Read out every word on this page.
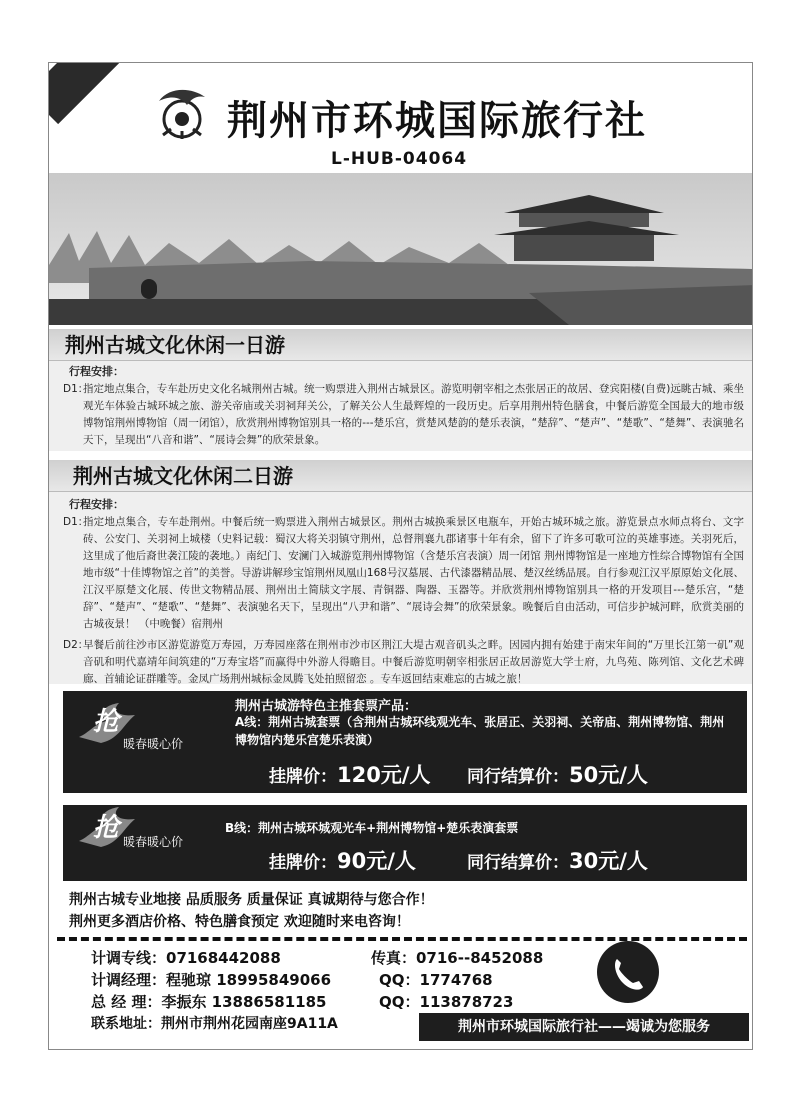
特惠月	荆州市环城国际旅行社
L-HUB-04064
荆州古城文化休闲一日游
行程安排：
D1：
指定地点集合，专车赴历史文化名城荆州古城。统一购票进入荆州古城景区。游览明朝宰相之杰张居正的故居、登宾阳楼(自费)远眺古城、乘坐观光车体验古城环城之旅、游关帝庙或关羽祠拜关公，了解关公人生最辉煌的一段历史。后享用荆州特色膳食，中餐后游览全国最大的地市级博物馆荆州博物馆（周一闭馆），欣赏荆州博物馆别具一格的---楚乐宫，赏楚风楚韵的楚乐表演，“楚辞”、“楚声”、“楚歌”、“楚舞”、表演驰名天下，呈现出“八音和谐”、“展诗会舞”的欣荣景象。
荆州古城文化休闲二日游
行程安排：
D1：
指定地点集合，专车赴荆州。中餐后统一购票进入荆州古城景区。荆州古城换乘景区电瓶车，开始古城环城之旅。游览景点水师点将台、文字砖、公安门、关羽祠上城楼（史料记载：蜀汉大将关羽镇守荆州，总督荆襄九郡诸事十年有余，留下了许多可歌可泣的英雄事迹。关羽死后，这里成了他后裔世袭江陵的袭地。）南纪门、安澜门入城游览荆州博物馆（含楚乐宫表演）周一闭馆 荆州博物馆是一座地方性综合博物馆有全国地市级“十佳博物馆之首”的美誉。导游讲解珍宝馆荆州凤凰山168号汉墓展、古代漆器精品展、楚汉丝绣品展。自行参观江汉平原原始文化展、江汉平原楚文化展、传世文物精品展、荆州出土简牍文字展、青铜器、陶器、玉器等。并欣赏荆州博物馆别具一格的开发项目---楚乐宫，“楚辞”、“楚声”、“楚歌”、“楚舞”、表演驰名天下，呈现出“八尹和谐”、“展诗会舞”的欣荣景象。晚餐后自由活动，可信步护城河畔，欣赏美丽的古城夜景！ （中晚餐）宿荆州
D2：
早餐后前往沙市区游览游览万寿园，万寿园座落在荆州市沙市区荆江大堤古观音矶头之畔。因园内拥有始建于南宋年间的“万里长江第一矶”观音矶和明代嘉靖年间筑建的“万寿宝塔”而赢得中外游人得瞻目。中餐后游览明朝宰相张居正故居游览大学士府，九鸟苑、陈列馆、文化艺术碑廊、首辅论证群雕等。金凤广场荆州城标金凤腾飞处拍照留恋 。专车返回结束难忘的古城之旅！
抢
暖春暖心价
荆州古城游特色主推套票产品：
A线：荆州古城套票（含荆州古城环线观光车、张居正、关羽祠、关帝庙、荆州博物馆、荆州博物馆内楚乐宫楚乐表演）
挂牌价：120元/人 同行结算价：50元/人
抢 暖春暖心价
B线：荆州古城环城观光车+荆州博物馆+楚乐表演套票
挂牌价：90元/人	同行结算价：30元/人
荆州古城专业地接 品质服务 质量保证 真诚期待与您合作！
荆州更多酒店价格、特色膳食预定 欢迎随时来电咨询！
计调专线：07168442088	传真：0716--8452088
计调经理：程驰琼 18995849066	QQ：1774768
总 经 理：李振东 13886581185	QQ：113878723
联系地址：荆州市荆州花园南座9A11A	荆州市环城国际旅行社——竭诚为您服务
